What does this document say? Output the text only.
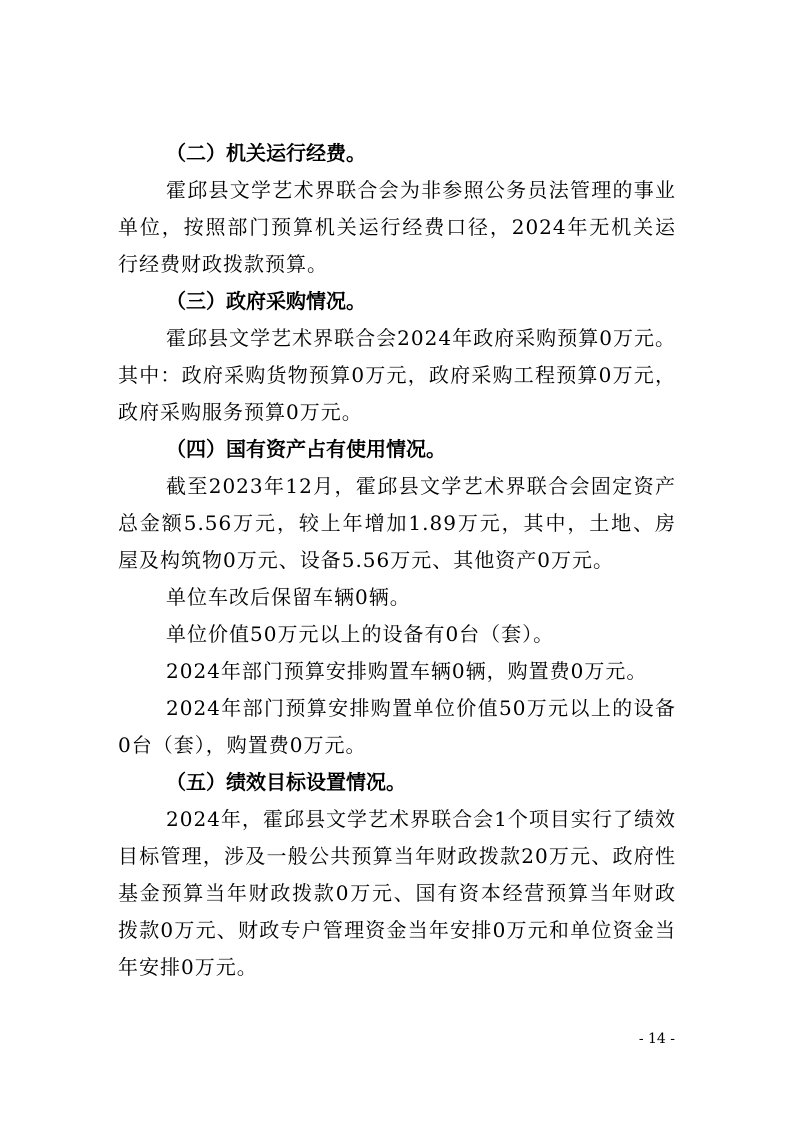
（二）机关运行经费。

霍邱县文学艺术界联合会为非参照公务员法管理的事业单位，按照部门预算机关运行经费口径，2024年无机关运行经费财政拨款预算。

（三）政府采购情况。

霍邱县文学艺术界联合会2024年政府采购预算0万元。其中：政府采购货物预算0万元，政府采购工程预算0万元，政府采购服务预算0万元。

（四）国有资产占有使用情况。

截至2023年12月，霍邱县文学艺术界联合会固定资产总金额5.56万元，较上年增加1.89万元，其中，土地、房屋及构筑物0万元、设备5.56万元、其他资产0万元。

单位车改后保留车辆0辆。

单位价值50万元以上的设备有0台（套）。

2024年部门预算安排购置车辆0辆，购置费0万元。

2024年部门预算安排购置单位价值50万元以上的设备0台（套），购置费0万元。

（五）绩效目标设置情况。

2024年，霍邱县文学艺术界联合会1个项目实行了绩效目标管理，涉及一般公共预算当年财政拨款20万元、政府性基金预算当年财政拨款0万元、国有资本经营预算当年财政拨款0万元、财政专户管理资金当年安排0万元和单位资金当年安排0万元。

- 14 -
